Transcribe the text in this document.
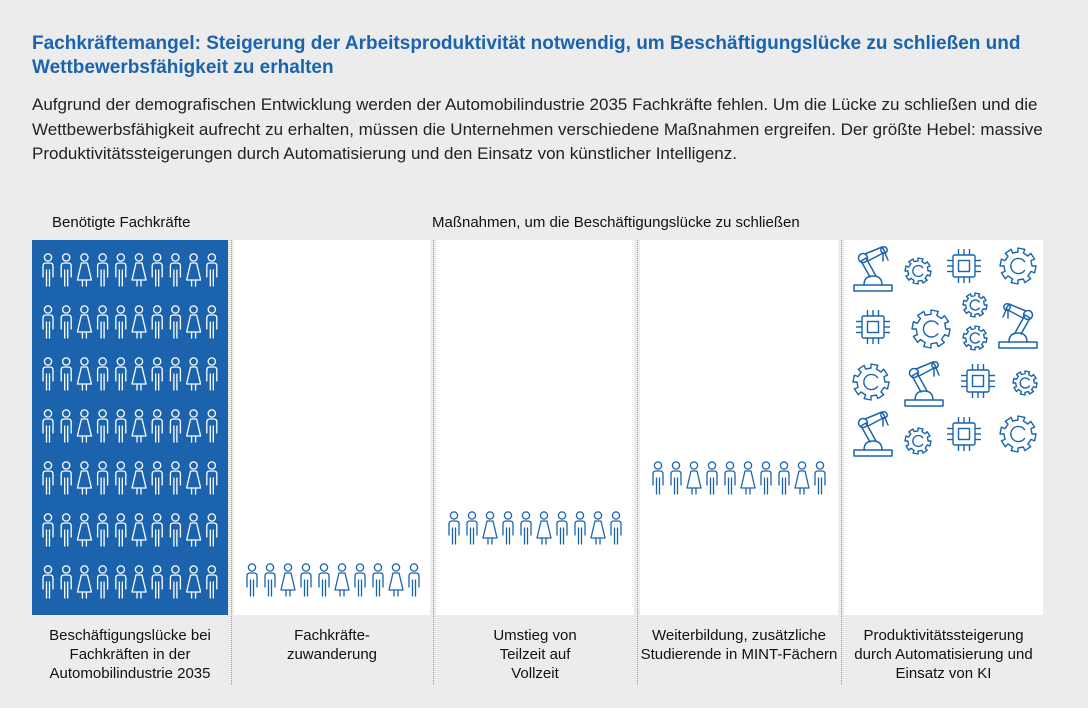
Fachkräftemangel: Steigerung der Arbeitsproduktivität notwendig, um Beschäftigungslücke zu schließen und Wettbewerbsfähigkeit zu erhalten
Aufgrund der demografischen Entwicklung werden der Automobilindustrie 2035 Fachkräfte fehlen. Um die Lücke zu schließen und die Wettbewerbsfähigkeit aufrecht zu erhalten, müssen die Unternehmen verschiedene Maßnahmen ergreifen. Der größte Hebel: massive Produktivitätssteigerungen durch Automatisierung und den Einsatz von künstlicher Intelligenz.
Benötigte Fachkräfte	Maßnahmen, um die Beschäftigungslücke zu schließen
Beschäftigungslücke bei Fachkräften in der Automobilindustrie 2035
Fachkräfte-zuwanderung
Umstieg von Teilzeit auf Vollzeit
Weiterbildung, zusätzliche Studierende in MINT-Fächern
Produktivitätssteigerung durch Automatisierung und Einsatz von KI
